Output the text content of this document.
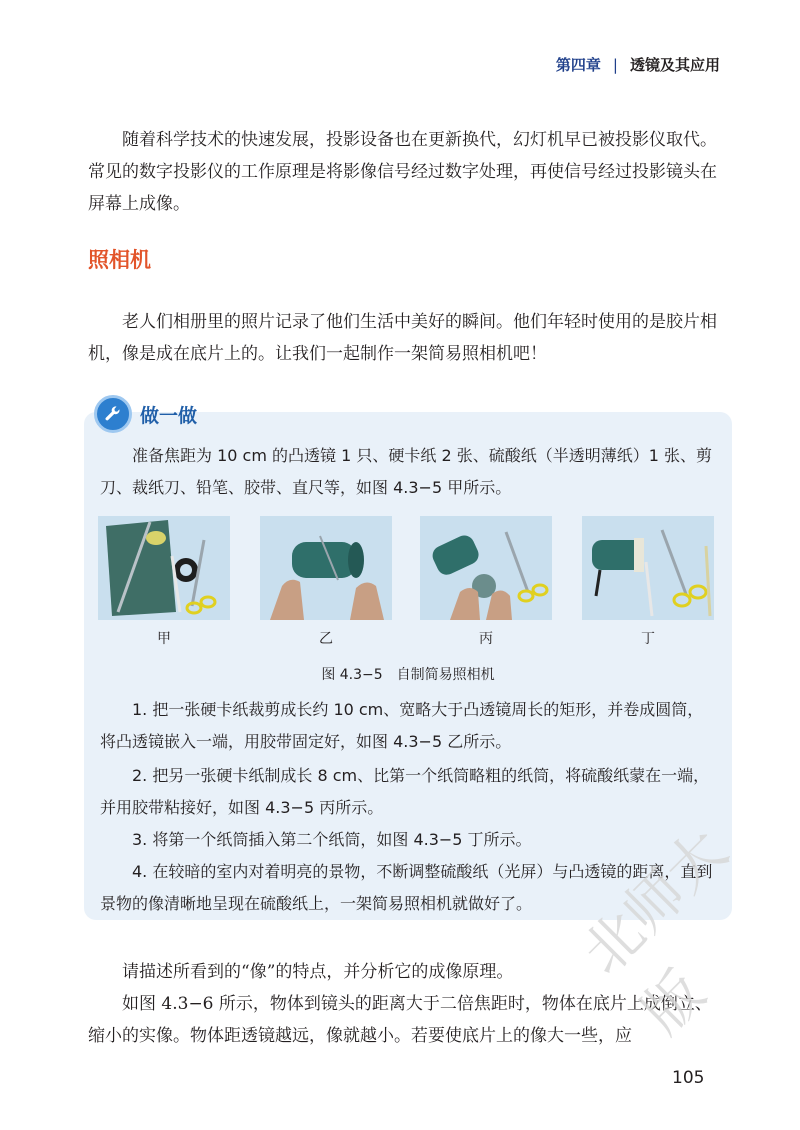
第四章 | 透镜及其应用

随着科学技术的快速发展，投影设备也在更新换代，幻灯机早已被投影仪取代。常见的数字投影仪的工作原理是将影像信号经过数字处理，再使信号经过投影镜头在屏幕上成像。

照相机

老人们相册里的照片记录了他们生活中美好的瞬间。他们年轻时使用的是胶片相机，像是成在底片上的。让我们一起制作一架简易照相机吧！

做一做

准备焦距为 10 cm 的凸透镜 1 只、硬卡纸 2 张、硫酸纸（半透明薄纸）1 张、剪刀、裁纸刀、铅笔、胶带、直尺等，如图 4.3−5 甲所示。

甲	乙	丙	丁
图 4.3−5　自制简易照相机

1. 把一张硬卡纸裁剪成长约 10 cm、宽略大于凸透镜周长的矩形，并卷成圆筒，将凸透镜嵌入一端，用胶带固定好，如图 4.3−5 乙所示。

2. 把另一张硬卡纸制成长 8 cm、比第一个纸筒略粗的纸筒，将硫酸纸蒙在一端，并用胶带粘接好，如图 4.3−5 丙所示。

3. 将第一个纸筒插入第二个纸筒，如图 4.3−5 丁所示。

4. 在较暗的室内对着明亮的景物，不断调整硫酸纸（光屏）与凸透镜的距离，直到景物的像清晰地呈现在硫酸纸上，一架简易照相机就做好了。

请描述所看到的“像”的特点，并分析它的成像原理。

如图 4.3−6 所示，物体到镜头的距离大于二倍焦距时，物体在底片上成倒立、缩小的实像。物体距透镜越远，像就越小。若要使底片上的像大一些，应

105
北师大版
